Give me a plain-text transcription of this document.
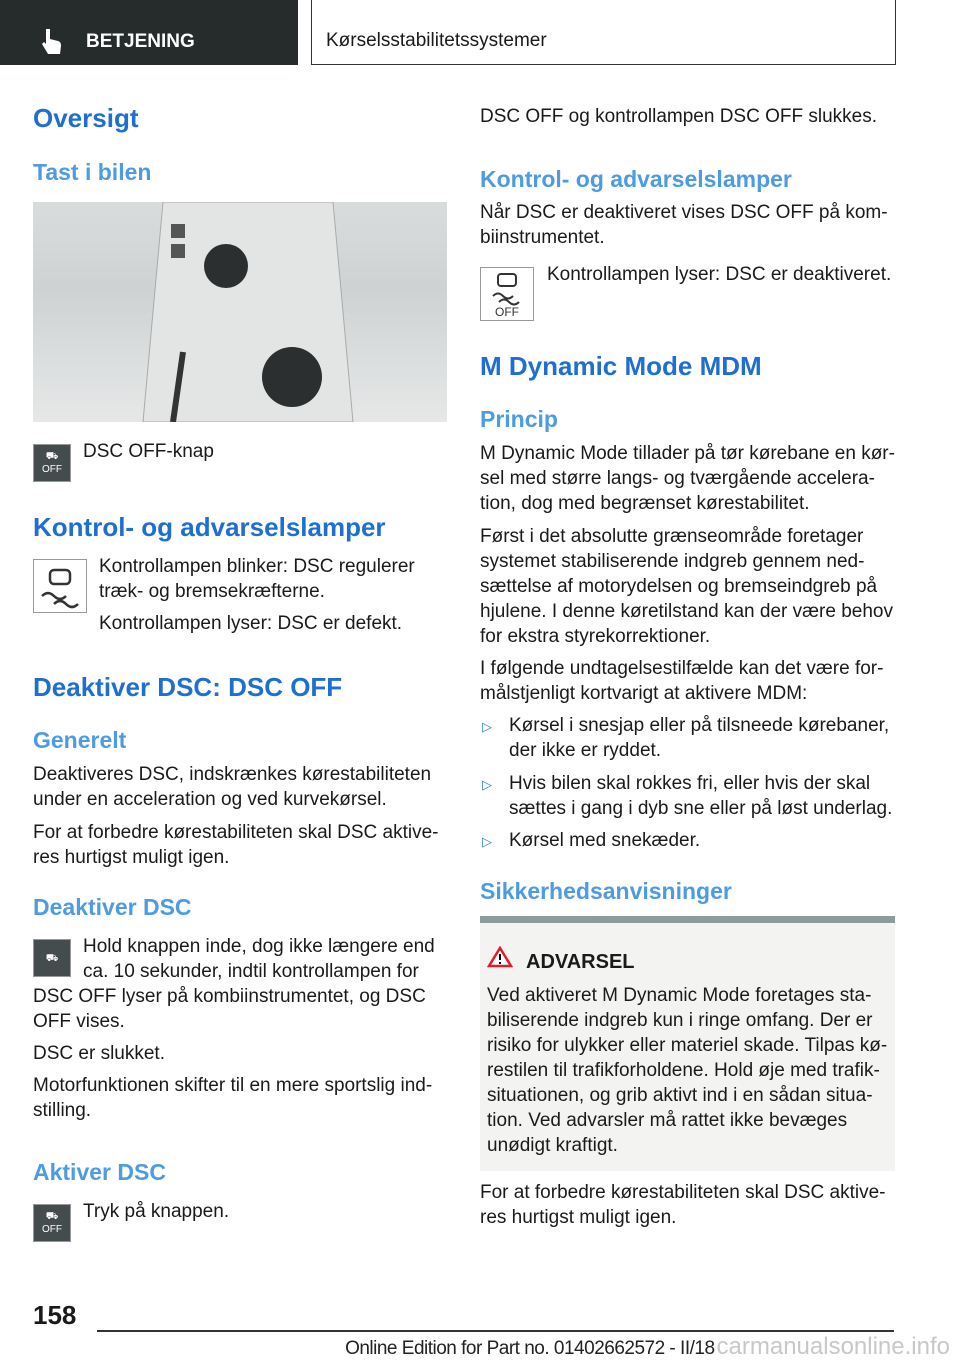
BETJENING	Kørselsstabilitetssystemer
Oversigt
Tast i bilen
⛟
OFF
DSC OFF-knap
Kontrol- og advarselslamper
Kontrollampen blinker: DSC regulerer træk- og bremsekræfterne.
Kontrollampen lyser: DSC er defekt.
Deaktiver DSC: DSC OFF
Generelt
Deaktiveres DSC, indskrænkes kørestabiliteten under en acceleration og ved kurvekørsel.
For at forbedre kørestabiliteten skal DSC aktiveres hurtigst muligt igen.
Deaktiver DSC
⛟
OFF
Hold knappen inde, dog ikke længere end ca. 10 sekunder, indtil kontrollampen for DSC OFF lyser på kombiinstrumentet, og DSC OFF vises.
DSC er slukket.
Motorfunktionen skifter til en mere sportslig indstilling.
Aktiver DSC
⛟
OFF
Tryk på knappen.
DSC OFF og kontrollampen DSC OFF slukkes.
Kontrol- og advarselslamper
Når DSC er deaktiveret vises DSC OFF på kombiinstrumentet.
OFF
Kontrollampen lyser: DSC er deaktiveret.
M Dynamic Mode MDM
Princip
M Dynamic Mode tillader på tør kørebane en kørsel med større langs- og tværgående acceleration, dog med begrænset kørestabilitet.
Først i det absolutte grænseområde foretager systemet stabiliserende indgreb gennem nedsættelse af motorydelsen og bremseindgreb på hjulene. I denne køretilstand kan der være behov for ekstra styrekorrektioner.
I følgende undtagelsestilfælde kan det være formålstjenligt kortvarigt at aktivere MDM:
▷ Kørsel i snesjap eller på tilsneede kørebaner, der ikke er ryddet.
▷ Hvis bilen skal rokkes fri, eller hvis der skal sættes i gang i dyb sne eller på løst underlag.
▷ Kørsel med snekæder.
Sikkerhedsanvisninger
ADVARSEL
Ved aktiveret M Dynamic Mode foretages stabiliserende indgreb kun i ringe omfang. Der er risiko for ulykker eller materiel skade. Tilpas kørestilen til trafikforholdene. Hold øje med trafiksituationen, og grib aktivt ind i en sådan situation. Ved advarsler må rattet ikke bevæges unødigt kraftigt.
For at forbedre kørestabiliteten skal DSC aktiveres hurtigst muligt igen.
158
Online Edition for Part no. 01402662572 - II/18 carmanualsonline.info
